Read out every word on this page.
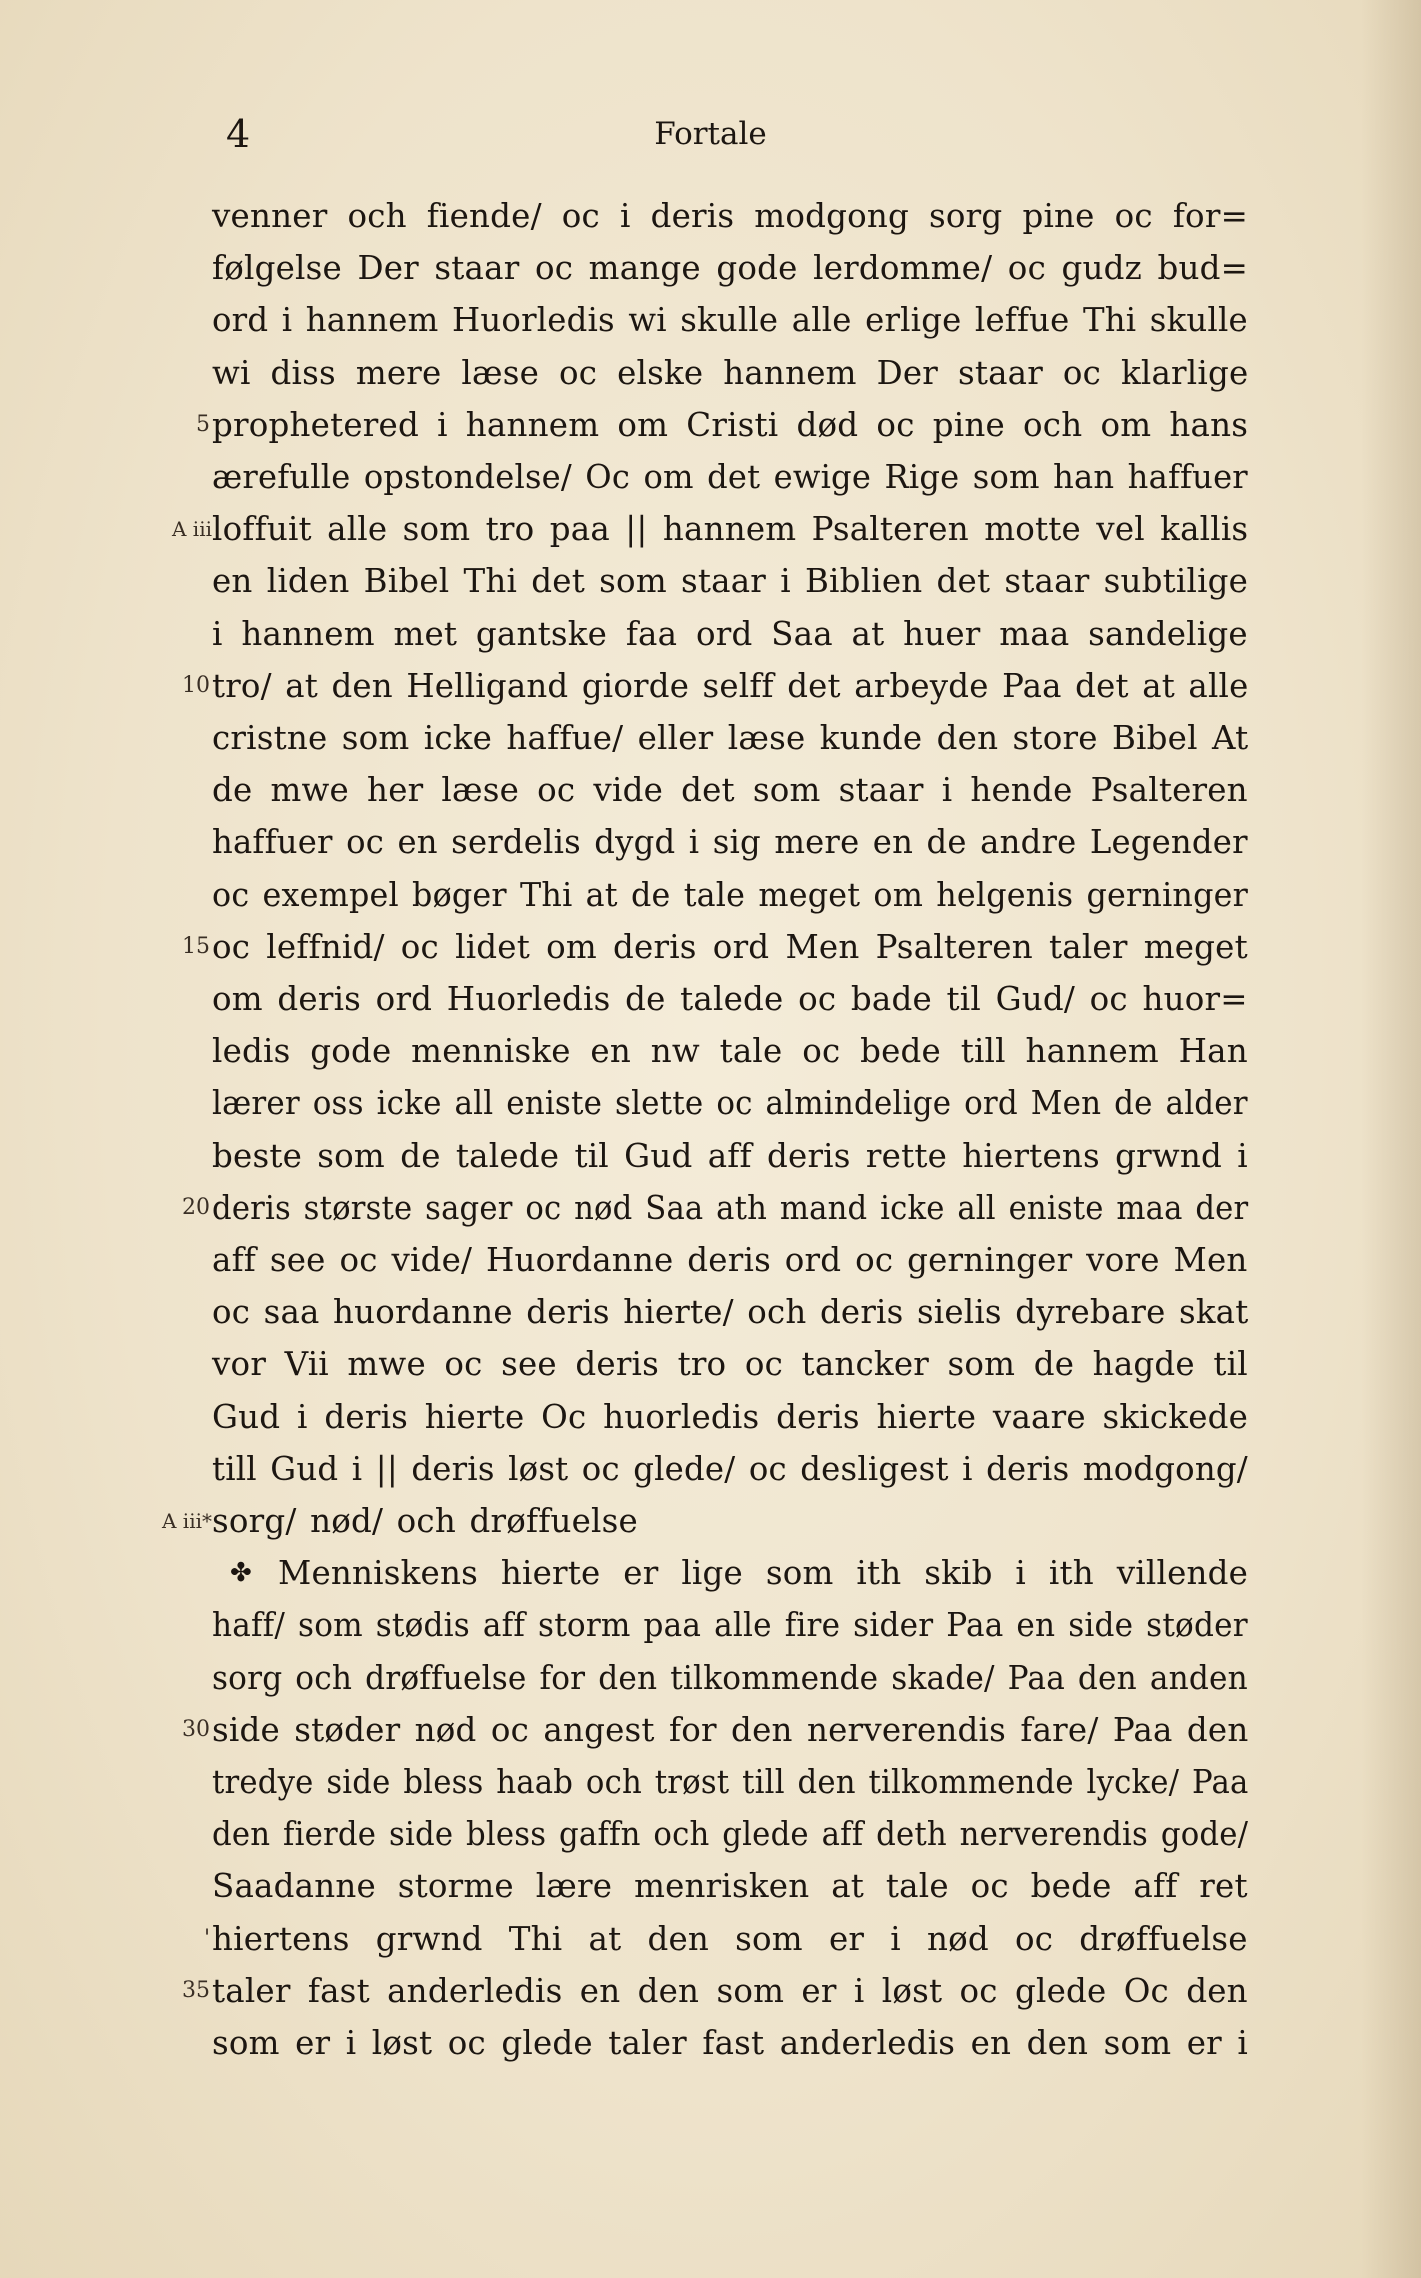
4	Fortale
venner och fiende/ oc i deris modgong sorg pine oc for=
følgelse Der staar oc mange gode lerdomme/ oc gudz bud=
ord i hannem Huorledis wi skulle alle erlige leffue Thi skulle
wi diss mere læse oc elske hannem Der staar oc klarlige
prophetered i hannem om Cristi død oc pine och om hans
5
ærefulle opstondelse/ Oc om det ewige Rige som han haffuer
loffuit alle som tro paa || hannem Psalteren motte vel kallis
A iii
en liden Bibel Thi det som staar i Biblien det staar subtilige
i hannem met gantske faa ord Saa at huer maa sandelige
tro/ at den Helligand giorde selff det arbeyde Paa det at alle
10
cristne som icke haffue/ eller læse kunde den store Bibel At
de mwe her læse oc vide det som staar i hende Psalteren
haffuer oc en serdelis dygd i sig mere en de andre Legender
oc exempel bøger Thi at de tale meget om helgenis gerninger
oc leffnid/ oc lidet om deris ord Men Psalteren taler meget
15
om deris ord Huorledis de talede oc bade til Gud/ oc huor=
ledis gode menniske en nw tale oc bede till hannem Han
lærer oss icke all eniste slette oc almindelige ord Men de alder
beste som de talede til Gud aff deris rette hiertens grwnd i
deris største sager oc nød Saa ath mand icke all eniste maa der
20
aff see oc vide/ Huordanne deris ord oc gerninger vore Men
oc saa huordanne deris hierte/ och deris sielis dyrebare skat
vor Vii mwe oc see deris tro oc tancker som de hagde til
Gud i deris hierte Oc huorledis deris hierte vaare skickede
till Gud i || deris løst oc glede/ oc desligest i deris modgong/
sorg/ nød/ och drøffuelse
A iii*
Menniskens hierte er lige som ith skib i ith villende
✤
haff/ som stødis aff storm paa alle fire sider Paa en side støder
sorg och drøffuelse for den tilkommende skade/ Paa den anden
side støder nød oc angest for den nerverendis fare/ Paa den
30
tredye side bless haab och trøst till den tilkommende lycke/ Paa
den fierde side bless gaffn och glede aff deth nerverendis gode/
Saadanne storme lære menrisken at tale oc bede aff ret
hiertens grwnd Thi at den som er i nød oc drøffuelse
'
taler fast anderledis en den som er i løst oc glede Oc den
35
som er i løst oc glede taler fast anderledis en den som er i
